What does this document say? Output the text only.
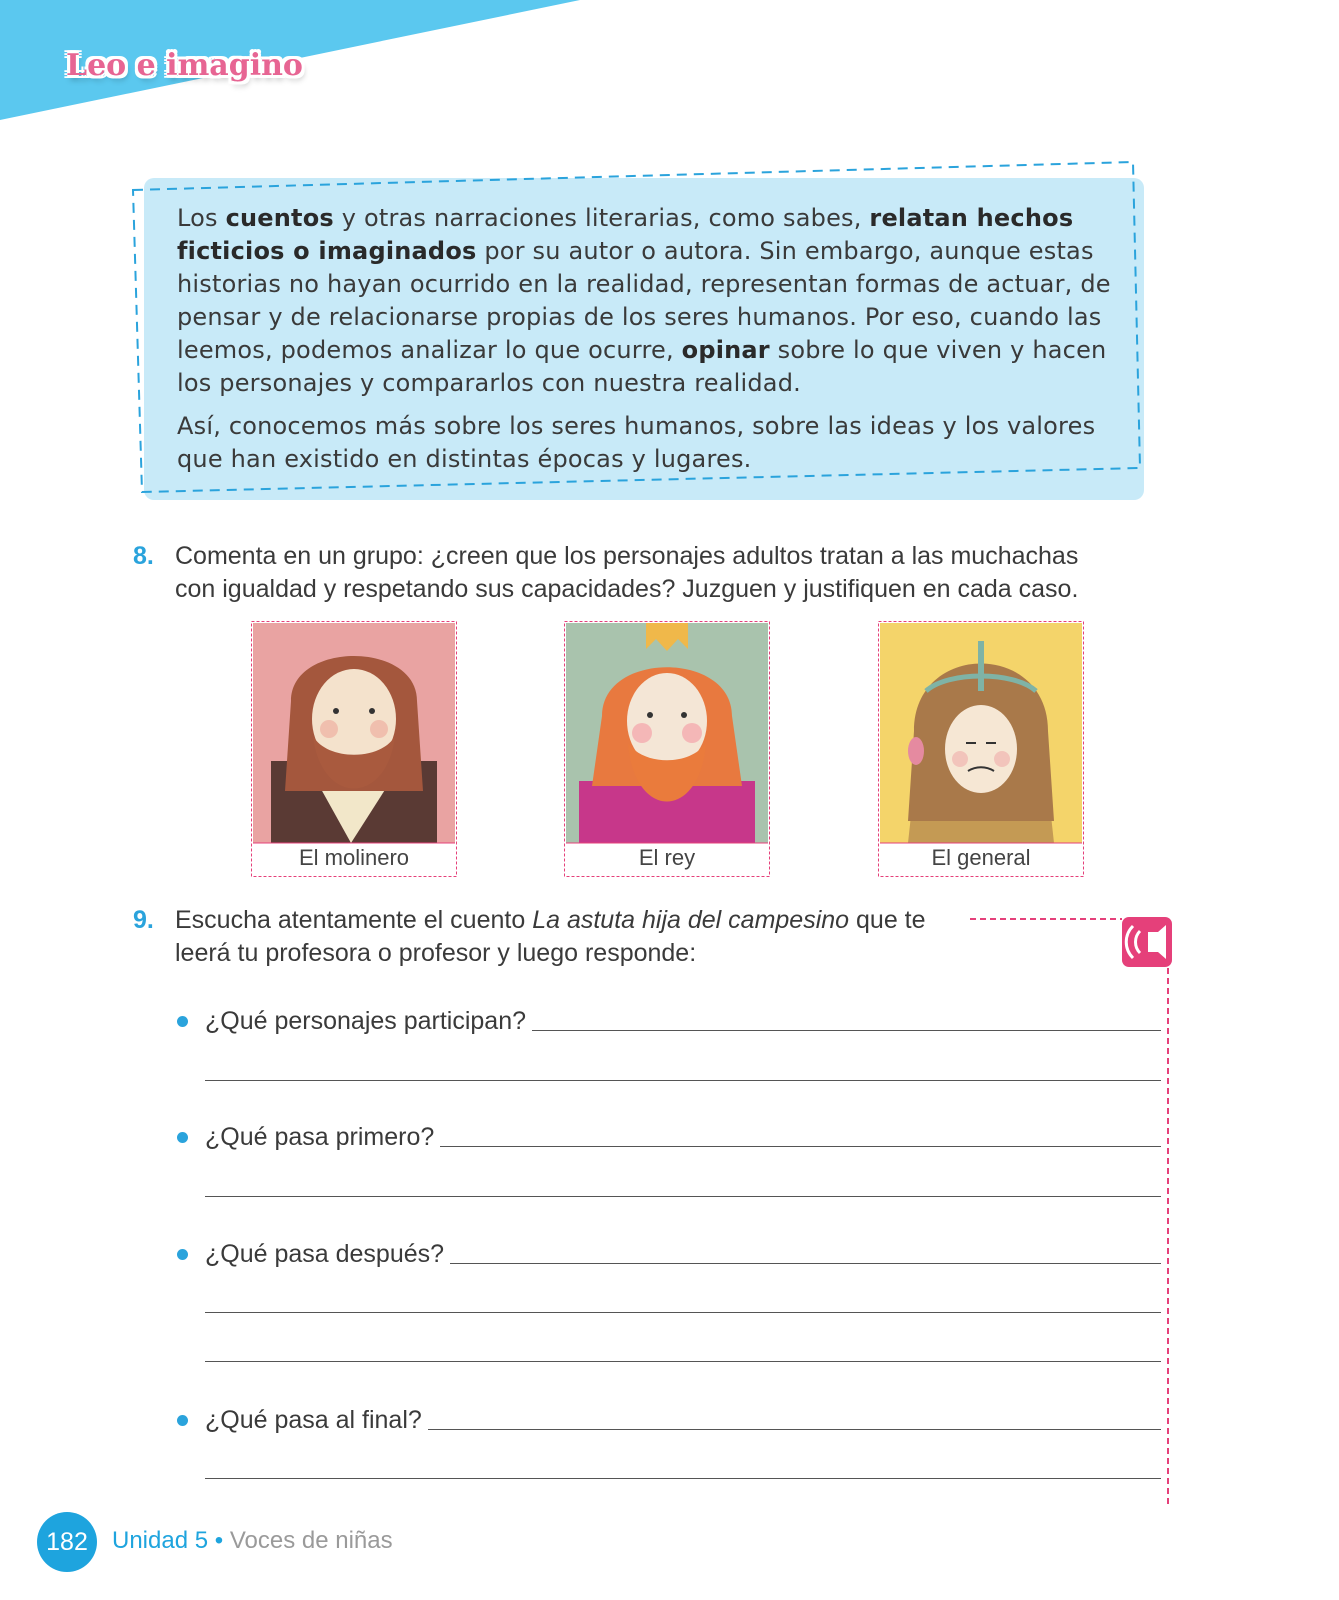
Leo e imagino

Los cuentos y otras narraciones literarias, como sabes, relatan hechos ficticios o imaginados por su autor o autora. Sin embargo, aunque estas historias no hayan ocurrido en la realidad, representan formas de actuar, de pensar y de relacionarse propias de los seres humanos. Por eso, cuando las leemos, podemos analizar lo que ocurre, opinar sobre lo que viven y hacen los personajes y compararlos con nuestra realidad.

Así, conocemos más sobre los seres humanos, sobre las ideas y los valores que han existido en distintas épocas y lugares.

8. Comenta en un grupo: ¿creen que los personajes adultos tratan a las muchachas con igualdad y respetando sus capacidades? Juzguen y justifiquen en cada caso.
El molinero	El rey	El general
9. Escucha atentamente el cuento La astuta hija del campesino que te leerá tu profesora o profesor y luego responde:
¿Qué personajes participan?
¿Qué pasa primero?
¿Qué pasa después?
¿Qué pasa al final?
182	Unidad 5 • Voces de niñas
